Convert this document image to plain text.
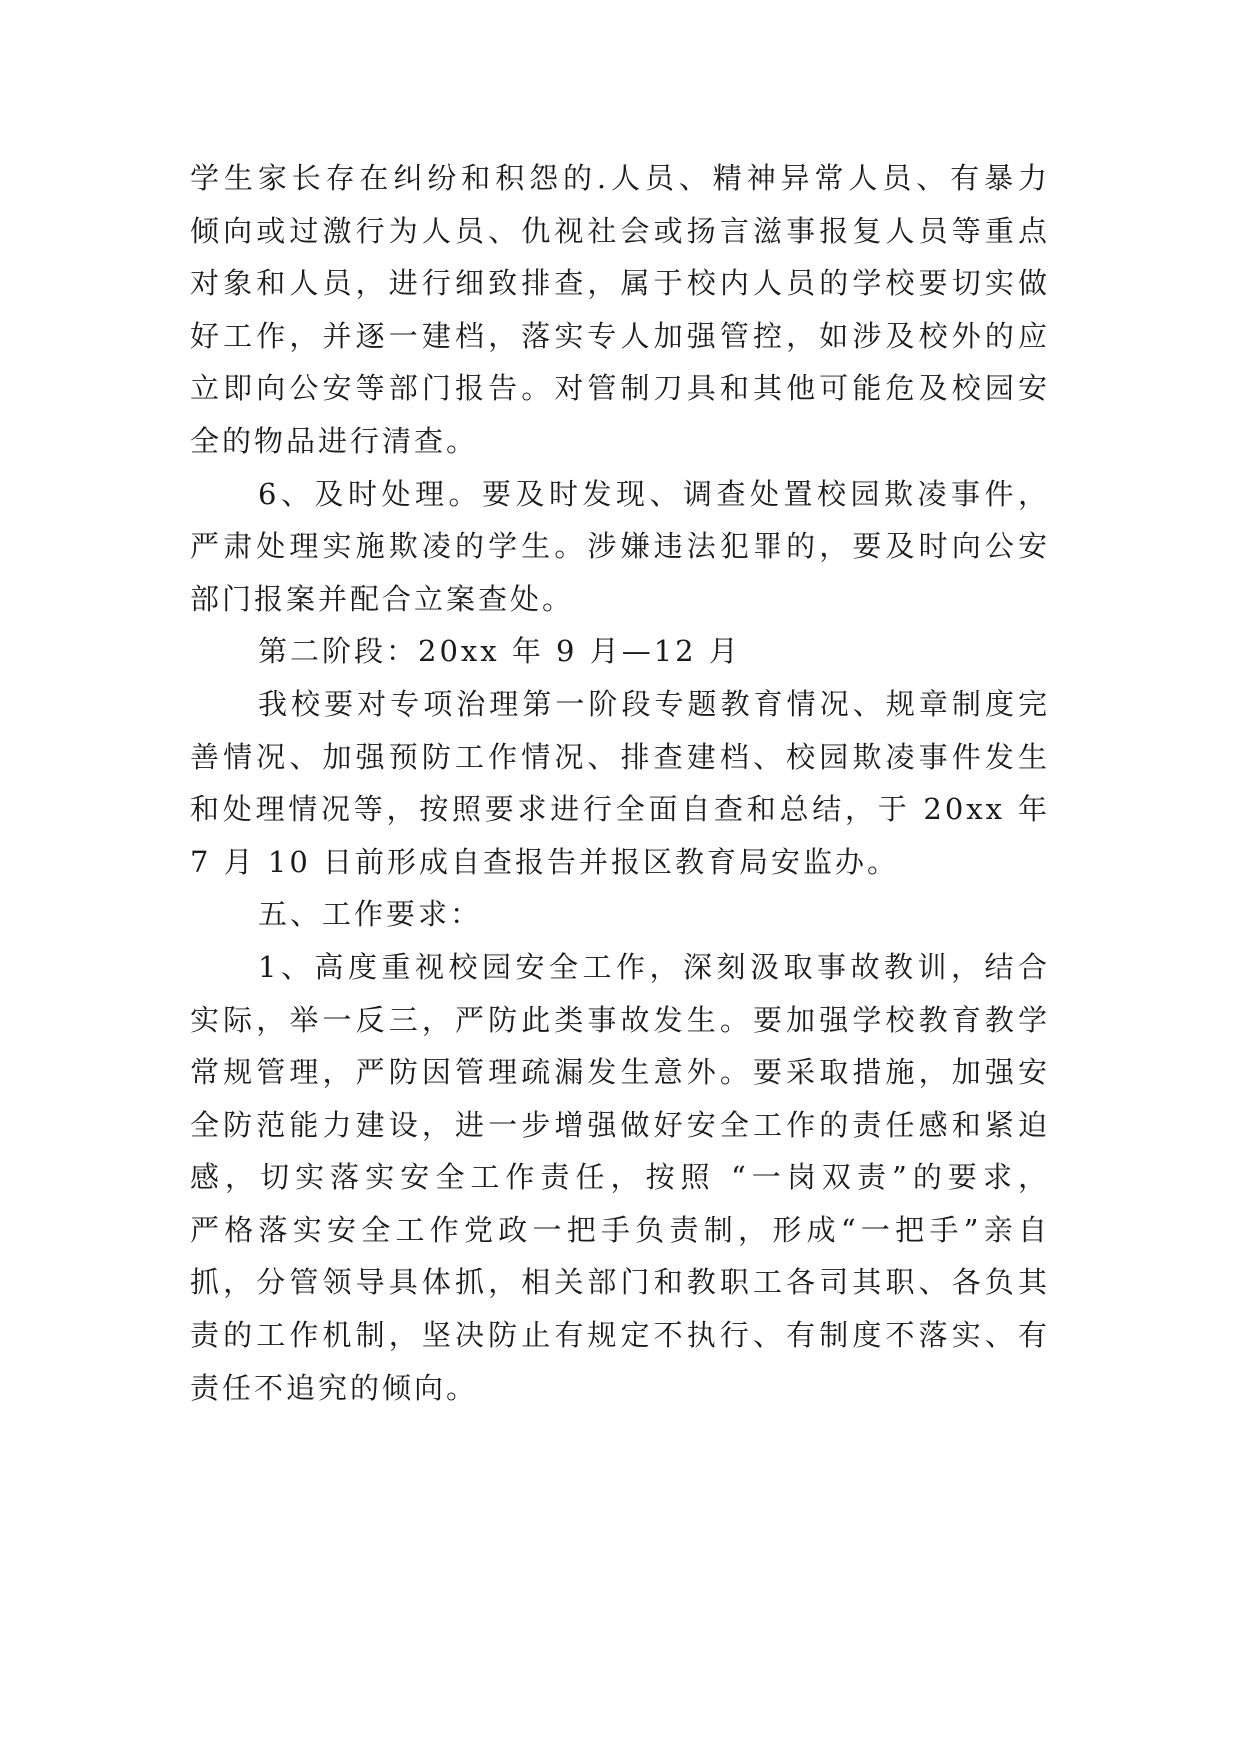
学生家长存在纠纷和积怨的.人员、精神异常人员、有暴力
倾向或过激行为人员、仇视社会或扬言滋事报复人员等重点
对象和人员，进行细致排查，属于校内人员的学校要切实做
好工作，并逐一建档，落实专人加强管控，如涉及校外的应
立即向公安等部门报告。对管制刀具和其他可能危及校园安
全的物品进行清查。
6、及时处理。要及时发现、调查处置校园欺凌事件，
严肃处理实施欺凌的学生。涉嫌违法犯罪的，要及时向公安
部门报案并配合立案查处。
第二阶段：20xx 年 9 月—12 月
我校要对专项治理第一阶段专题教育情况、规章制度完
善情况、加强预防工作情况、排查建档、校园欺凌事件发生
和处理情况等，按照要求进行全面自查和总结，于 20xx 年
7 月 10 日前形成自查报告并报区教育局安监办。
五、工作要求：
1、高度重视校园安全工作，深刻汲取事故教训，结合
实际，举一反三，严防此类事故发生。要加强学校教育教学
常规管理，严防因管理疏漏发生意外。要采取措施，加强安
全防范能力建设，进一步增强做好安全工作的责任感和紧迫
感，切实落实安全工作责任，按照 “一岗双责”的要求，
严格落实安全工作党政一把手负责制，形成“一把手”亲自
抓，分管领导具体抓，相关部门和教职工各司其职、各负其
责的工作机制，坚决防止有规定不执行、有制度不落实、有
责任不追究的倾向。
